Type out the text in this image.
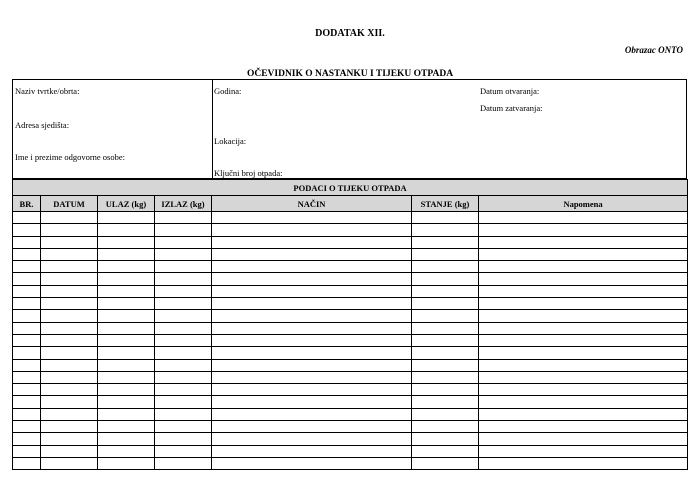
DODATAK XII.
Obrazac ONTO
OČEVIDNIK O NASTANKU I TIJEKU OTPADA
Naziv tvrtke/obrta:
Adresa sjedišta:
Ime i prezime odgovorne osobe:
Godina:
Lokacija:
Ključni broj otpada:
Datum otvaranja:
Datum zatvaranja:
PODACI O TIJEKU OTPADA						
BR.	DATUM	ULAZ (kg)	IZLAZ (kg)	NAČIN	STANJE (kg)	Napomena
